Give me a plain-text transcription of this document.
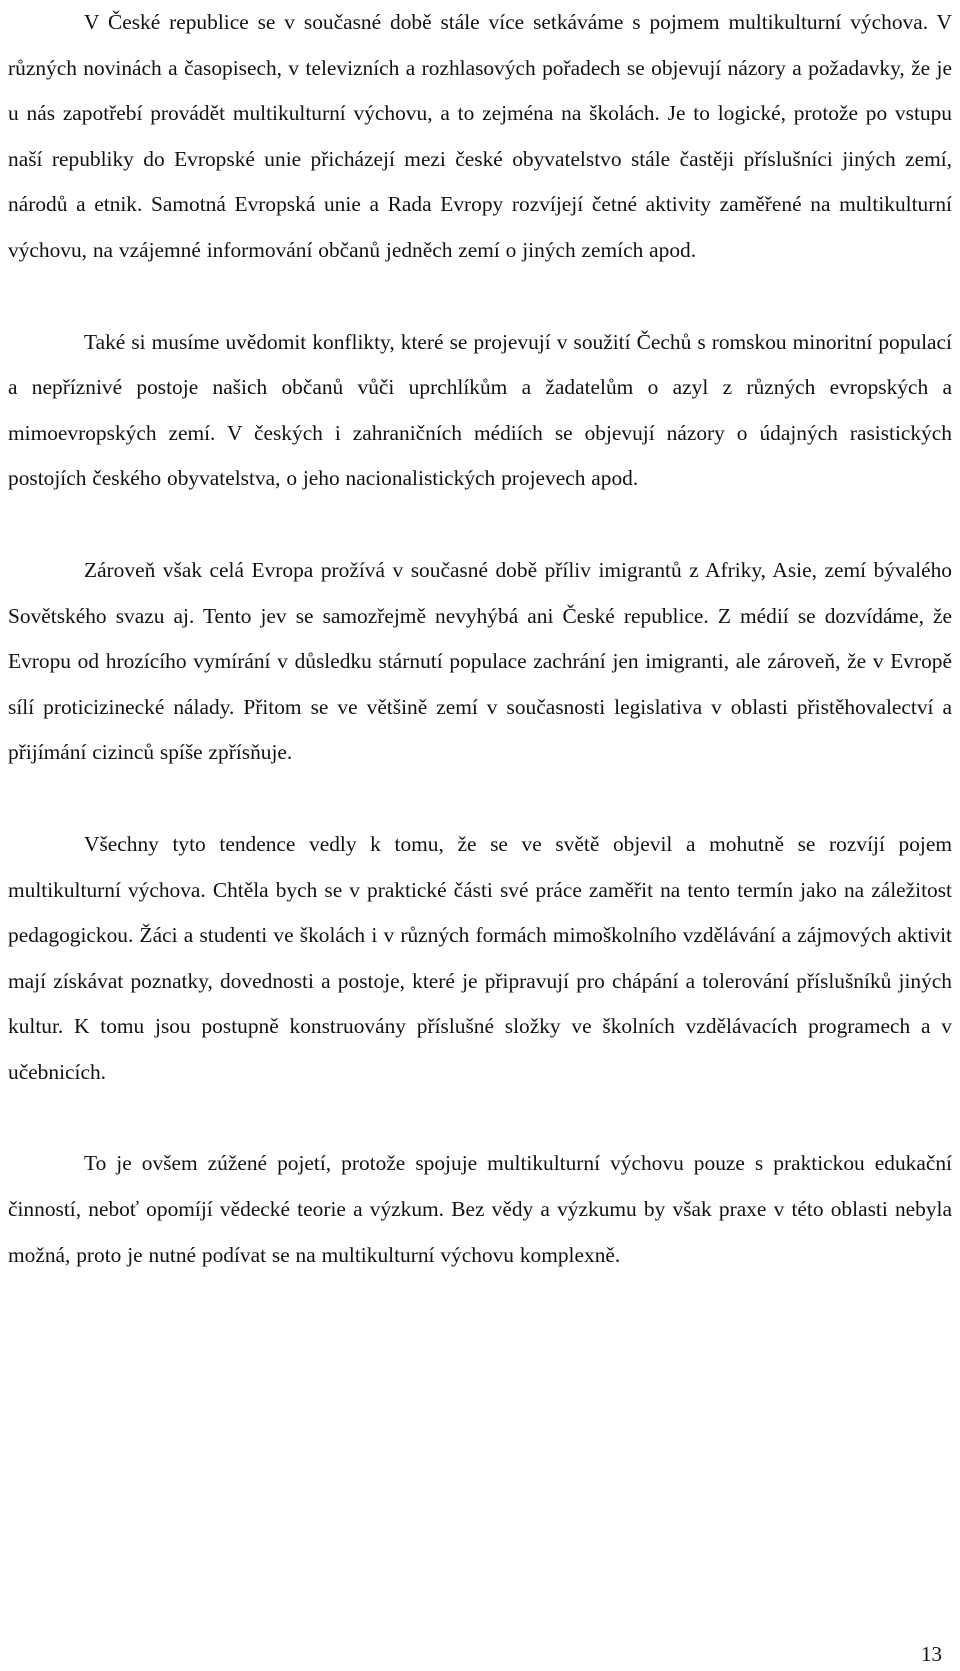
V České republice se v současné době stále více setkáváme s pojmem multikulturní výchova. V různých novinách a časopisech, v televizních a rozhlasových pořadech se objevují názory a požadavky, že je u nás zapotřebí provádět multikulturní výchovu, a to zejména na školách. Je to logické, protože po vstupu naší republiky do Evropské unie přicházejí mezi české obyvatelstvo stále častěji příslušníci jiných zemí, národů a etnik. Samotná Evropská unie a Rada Evropy rozvíjejí četné aktivity zaměřené na multikulturní výchovu, na vzájemné informování občanů jedněch zemí o jiných zemích apod.

Také si musíme uvědomit konflikty, které se projevují v soužití Čechů s romskou minoritní populací a nepříznivé postoje našich občanů vůči uprchlíkům a žadatelům o azyl z různých evropských a mimoevropských zemí. V českých i zahraničních médiích se objevují názory o údajných rasistických postojích českého obyvatelstva, o jeho nacionalistických projevech apod.

Zároveň však celá Evropa prožívá v současné době příliv imigrantů z Afriky, Asie, zemí bývalého Sovětského svazu aj. Tento jev se samozřejmě nevyhýbá ani České republice. Z médií se dozvídáme, že Evropu od hrozícího vymírání v důsledku stárnutí populace zachrání jen imigranti, ale zároveň, že v Evropě sílí proticizinecké nálady. Přitom se ve většině zemí v současnosti legislativa v oblasti přistěhovalectví a přijímání cizinců spíše zpřísňuje.

Všechny tyto tendence vedly k tomu, že se ve světě objevil a mohutně se rozvíjí pojem multikulturní výchova. Chtěla bych se v praktické části své práce zaměřit na tento termín jako na záležitost pedagogickou. Žáci a studenti ve školách i v různých formách mimoškolního vzdělávání a zájmových aktivit mají získávat poznatky, dovednosti a postoje, které je připravují pro chápání a tolerování příslušníků jiných kultur. K tomu jsou postupně konstruovány příslušné složky ve školních vzdělávacích programech a v učebnicích.

To je ovšem zúžené pojetí, protože spojuje multikulturní výchovu pouze s praktickou edukační činností, neboť opomíjí vědecké teorie a výzkum. Bez vědy a výzkumu by však praxe v této oblasti nebyla možná, proto je nutné podívat se na multikulturní výchovu komplexně.

13
